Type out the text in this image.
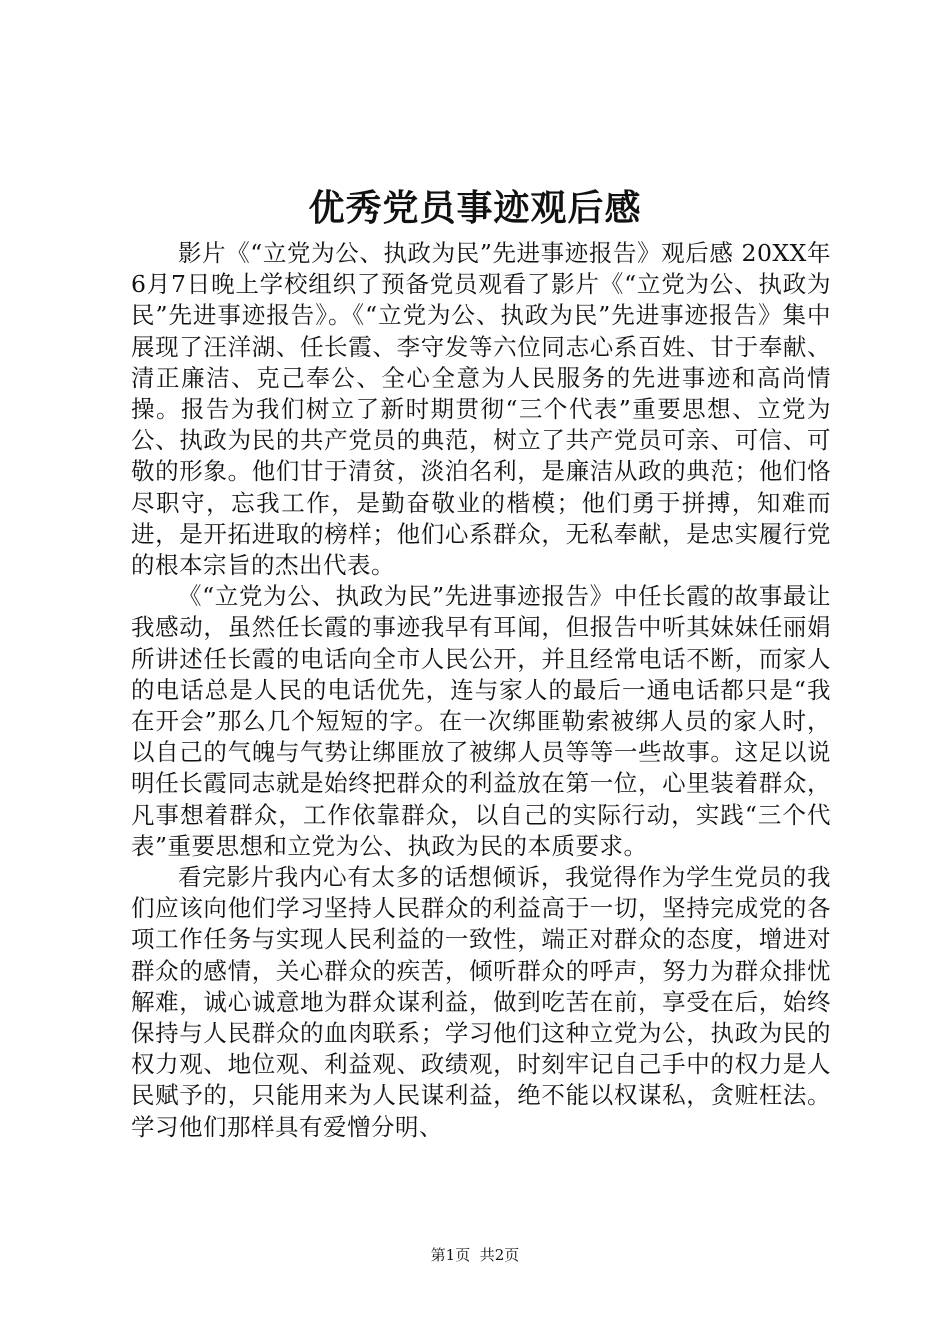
优秀党员事迹观后感

影片《“立党为公、执政为民”先进事迹报告》观后感 20XX年6月7日晚上学校组织了预备党员观看了影片《“立党为公、执政为民”先进事迹报告》。《“立党为公、执政为民”先进事迹报告》集中展现了汪洋湖、任长霞、李守发等六位同志心系百姓、甘于奉献、清正廉洁、克己奉公、全心全意为人民服务的先进事迹和高尚情操。报告为我们树立了新时期贯彻“三个代表”重要思想、立党为公、执政为民的共产党员的典范，树立了共产党员可亲、可信、可敬的形象。他们甘于清贫，淡泊名利，是廉洁从政的典范；他们恪尽职守，忘我工作，是勤奋敬业的楷模；他们勇于拼搏，知难而进，是开拓进取的榜样；他们心系群众，无私奉献，是忠实履行党的根本宗旨的杰出代表。

《“立党为公、执政为民”先进事迹报告》中任长霞的故事最让我感动，虽然任长霞的事迹我早有耳闻，但报告中听其妹妹任丽娟所讲述任长霞的电话向全市人民公开，并且经常电话不断，而家人的电话总是人民的电话优先，连与家人的最后一通电话都只是“我在开会”那么几个短短的字。在一次绑匪勒索被绑人员的家人时，以自己的气魄与气势让绑匪放了被绑人员等等一些故事。这足以说明任长霞同志就是始终把群众的利益放在第一位，心里装着群众，凡事想着群众，工作依靠群众，以自己的实际行动，实践“三个代表”重要思想和立党为公、执政为民的本质要求。

看完影片我内心有太多的话想倾诉，我觉得作为学生党员的我们应该向他们学习坚持人民群众的利益高于一切，坚持完成党的各项工作任务与实现人民利益的一致性，端正对群众的态度，增进对群众的感情，关心群众的疾苦，倾听群众的呼声，努力为群众排忧解难，诚心诚意地为群众谋利益，做到吃苦在前，享受在后，始终保持与人民群众的血肉联系；学习他们这种立党为公，执政为民的权力观、地位观、利益观、政绩观，时刻牢记自己手中的权力是人民赋予的，只能用来为人民谋利益，绝不能以权谋私，贪赃枉法。学习他们那样具有爱憎分明、

第1页 共2页
